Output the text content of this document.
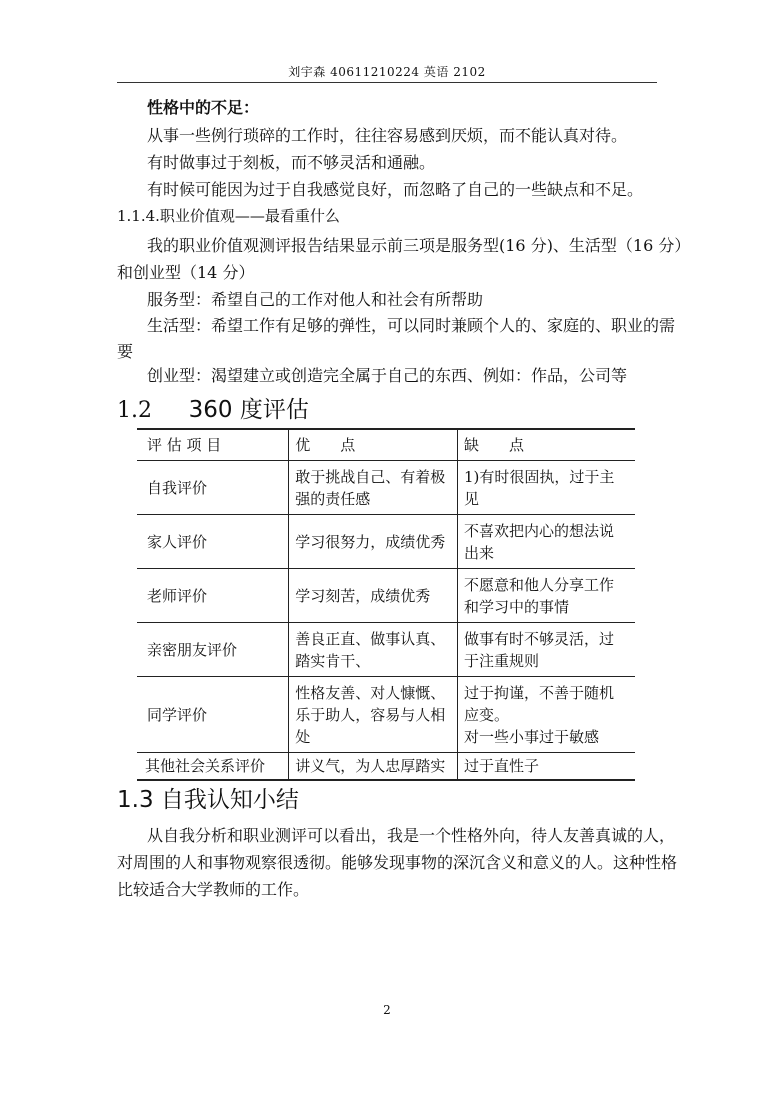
刘宇森 40611210224 英语 2102
性格中的不足：
从事一些例行琐碎的工作时，往往容易感到厌烦，而不能认真对待。
有时做事过于刻板，而不够灵活和通融。
有时候可能因为过于自我感觉良好，而忽略了自己的一些缺点和不足。
1.1.4.职业价值观——最看重什么
我的职业价值观测评报告结果显示前三项是服务型(16 分)、生活型（16 分）
和创业型（14 分）
服务型：希望自己的工作对他人和社会有所帮助
生活型：希望工作有足够的弹性，可以同时兼顾个人的、家庭的、职业的需
要
创业型：渴望建立或创造完全属于自己的东西、例如：作品，公司等
1.2 360 度评估
评 估 项 目	优　　点	缺　　点
自我评价	敢于挑战自己、有着极强的责任感	1)有时很固执，过于主见
家人评价	学习很努力，成绩优秀	不喜欢把内心的想法说出来
老师评价	学习刻苦，成绩优秀	不愿意和他人分享工作和学习中的事情
亲密朋友评价	善良正直、做事认真、踏实肯干、	做事有时不够灵活，过于注重规则
同学评价	性格友善、对人慷慨、乐于助人，容易与人相处	过于拘谨，不善于随机应变。
对一些小事过于敏感

其他社会关系评价	讲义气，为人忠厚踏实	过于直性子
1.3 自我认知小结
从自我分析和职业测评可以看出，我是一个性格外向，待人友善真诚的人，
对周围的人和事物观察很透彻。能够发现事物的深沉含义和意义的人。这种性格
比较适合大学教师的工作。
2
